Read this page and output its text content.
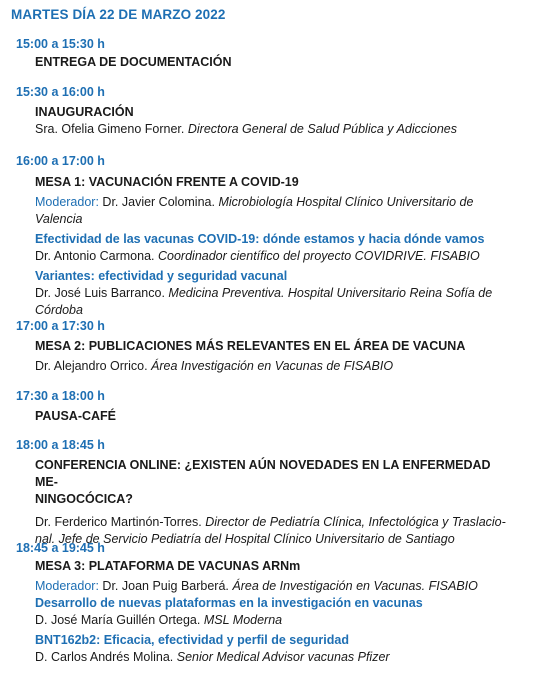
MARTES DÍA 22 DE MARZO 2022
15:00 a 15:30 h
ENTREGA DE DOCUMENTACIÓN
15:30 a 16:00 h
INAUGURACIÓN
Sra. Ofelia Gimeno Forner. Directora General de Salud Pública y Adicciones
16:00 a 17:00 h
MESA 1: VACUNACIÓN FRENTE A COVID-19
Moderador: Dr. Javier Colomina. Microbiología Hospital Clínico Universitario de Valencia
Efectividad de las vacunas COVID-19: dónde estamos y hacia dónde vamos
Dr. Antonio Carmona. Coordinador científico del proyecto COVIDRIVE. FISABIO
Variantes: efectividad y seguridad vacunal
Dr. José Luis Barranco. Medicina Preventiva. Hospital Universitario Reina Sofía de
Córdoba
17:00 a 17:30 h
MESA 2: PUBLICACIONES MÁS RELEVANTES EN EL ÁREA DE VACUNA
Dr. Alejandro Orrico. Área Investigación en Vacunas de FISABIO
17:30 a 18:00 h
PAUSA-CAFÉ
18:00 a 18:45 h
CONFERENCIA ONLINE: ¿EXISTEN AÚN NOVEDADES EN LA ENFERMEDAD ME-
NINGOCÓCICA?
Dr. Ferderico Martinón-Torres. Director de Pediatría Clínica, Infectológica y Traslacio-
nal. Jefe de Servicio Pediatría del Hospital Clínico Universitario de Santiago
18:45 a 19:45 h
MESA 3: PLATAFORMA DE VACUNAS ARNm
Moderador: Dr. Joan Puig Barberá. Área de Investigación en Vacunas. FISABIO
Desarrollo de nuevas plataformas en la investigación en vacunas
D. José María Guillén Ortega. MSL Moderna
BNT162b2: Eficacia, efectividad y perfil de seguridad
D. Carlos Andrés Molina. Senior Medical Advisor vacunas Pfizer
